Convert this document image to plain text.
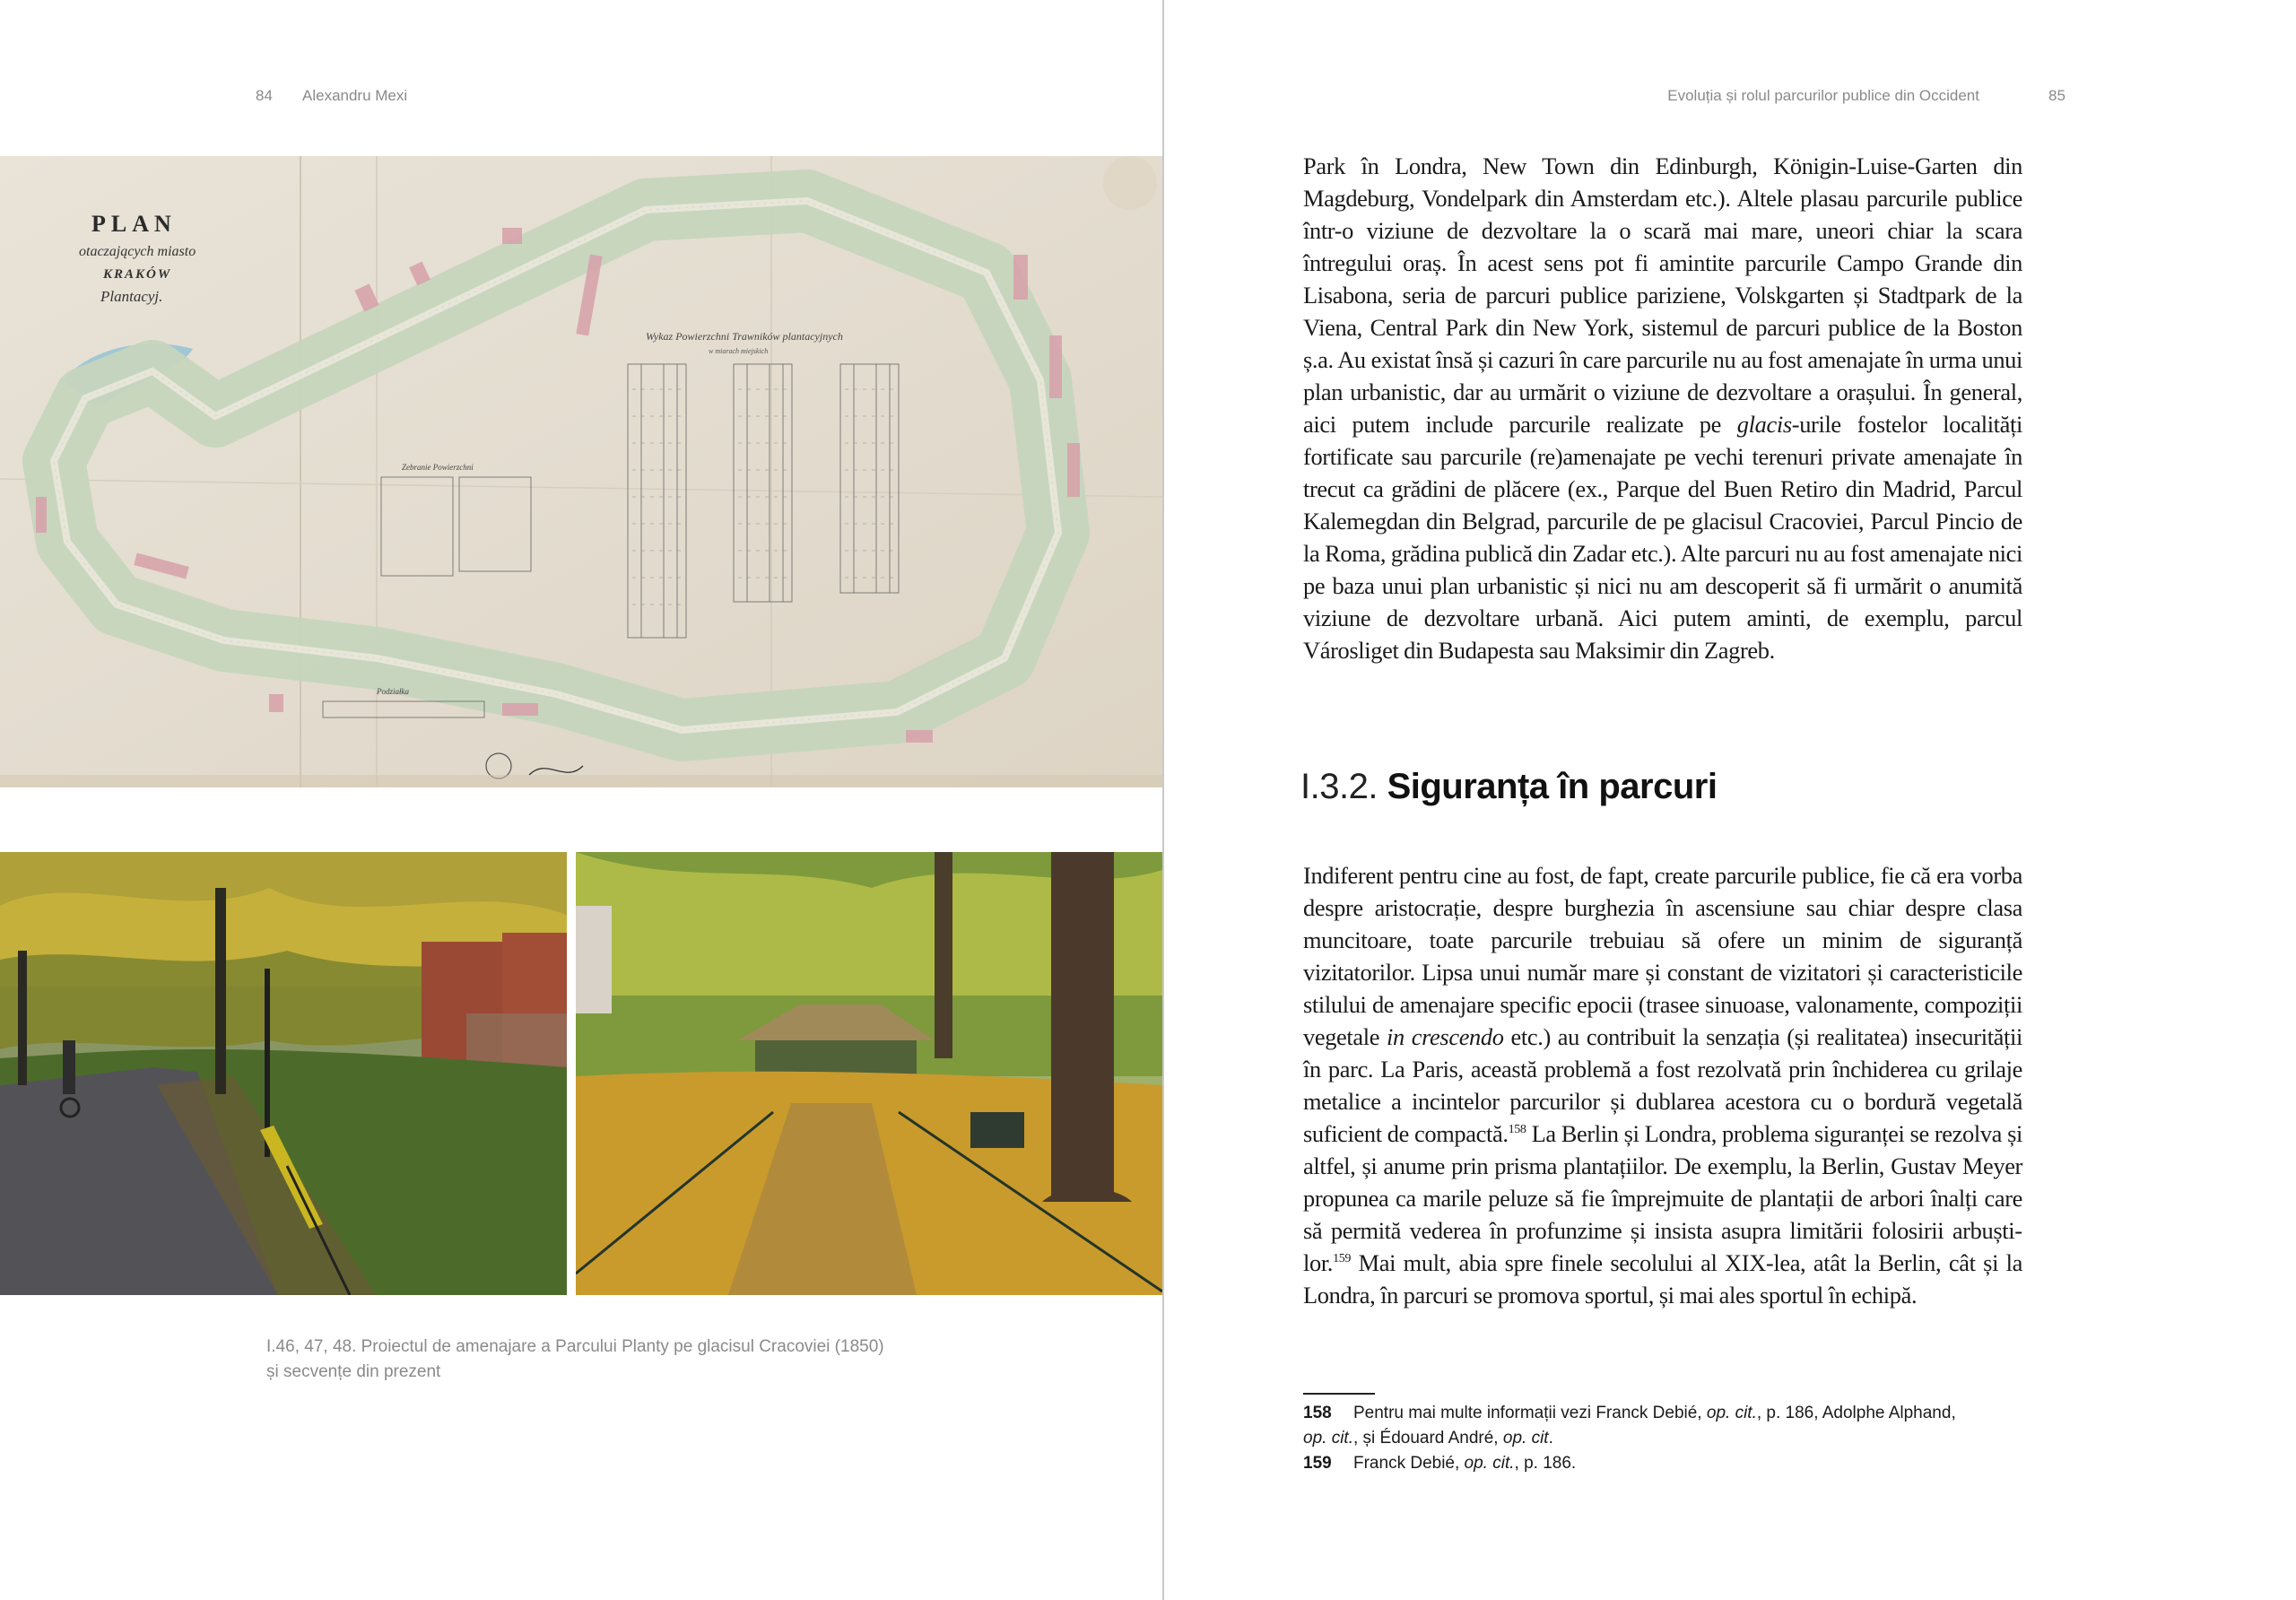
84 Alexandru Mexi
PLAN
otaczających miasto
KRAKÓW
Plantacyj.
Wykaz Powierzchni Trawników plantacyjnych
w miarach miejskich
Zebranie Powierzchni
Podziałka
I.46, 47, 48. Proiectul de amenajare a Parcului Planty pe glacisul Cracoviei (1850)
și secvențe din prezent
Evoluția și rolul parcurilor publice din Occident	85

Park în Londra, New Town din Edinburgh, Königin-Luise-Garten din Magdeburg, Vondelpark din Amsterdam etc.). Altele plasau parcurile publice într-o viziune de dezvoltare la o scară mai mare, uneori chiar la scara întregului oraș. În acest sens pot fi amintite parcurile Campo Grande din Lisabona, seria de parcuri publice pariziene, Volskgarten și Stadtpark de la Viena, Central Park din New York, sistemul de parcuri publice de la Boston ș.a. Au existat însă și cazuri în care parcurile nu au fost amenajate în urma unui plan urbanistic, dar au urmărit o viziune de dezvoltare a orașului. În general, aici putem include parcurile realizate pe glacis-urile fostelor localități fortificate sau parcurile (re)amenajate pe vechi terenuri private amenajate în trecut ca grădini de plăcere (ex., Parque del Buen Retiro din Madrid, Parcul Kalemegdan din Belgrad, parcurile de pe glacisul Cracoviei, Parcul Pincio de la Roma, grădina publică din Zadar etc.). Alte parcuri nu au fost amenajate nici pe baza unui plan urbanistic și nici nu am descoperit să fi urmărit o anumită viziune de dezvoltare urbană. Aici putem aminti, de exemplu, parcul Városliget din Budapesta sau Maksimir din Zagreb.

I.3.2. Siguranța în parcuri

Indiferent pentru cine au fost, de fapt, create parcurile publice, fie că era vorba despre aristocrație, despre burghezia în ascensiune sau chiar despre clasa muncitoare, toate parcurile trebuiau să ofere un minim de siguranță vizitatorilor. Lipsa unui număr mare și constant de vizitatori și caracteristicile stilului de amenajare specific epocii (trasee sinuoase, valonamente, compoziții vegetale in crescendo etc.) au contribuit la senzația (și realitatea) insecurității în parc. La Paris, această problemă a fost rezolvată prin închiderea cu grilaje metalice a incintelor parcurilor și dublarea acestora cu o bordură vegetală suficient de compactă.$^{158}$ La Berlin și Londra, problema siguranței se rezolva și altfel, și anume prin prisma plantațiilor. De exemplu, la Berlin, Gustav Meyer propunea ca marile peluze să fie împrejmuite de plantații de arbori înalți care să permită vederea în profunzime și insista asupra limitării folosirii arbuștilor.$^{159}$ Mai mult, abia spre finele secolului al XIX-lea, atât la Berlin, cât și la Londra, în parcuri se promova sportul, și mai ales sportul în echipă.

158 Pentru mai multe informații vezi Franck Debié, op. cit., p. 186, Adolphe Alphand,
op. cit., și Édouard André, op. cit.

159 Franck Debié, op. cit., p. 186.
